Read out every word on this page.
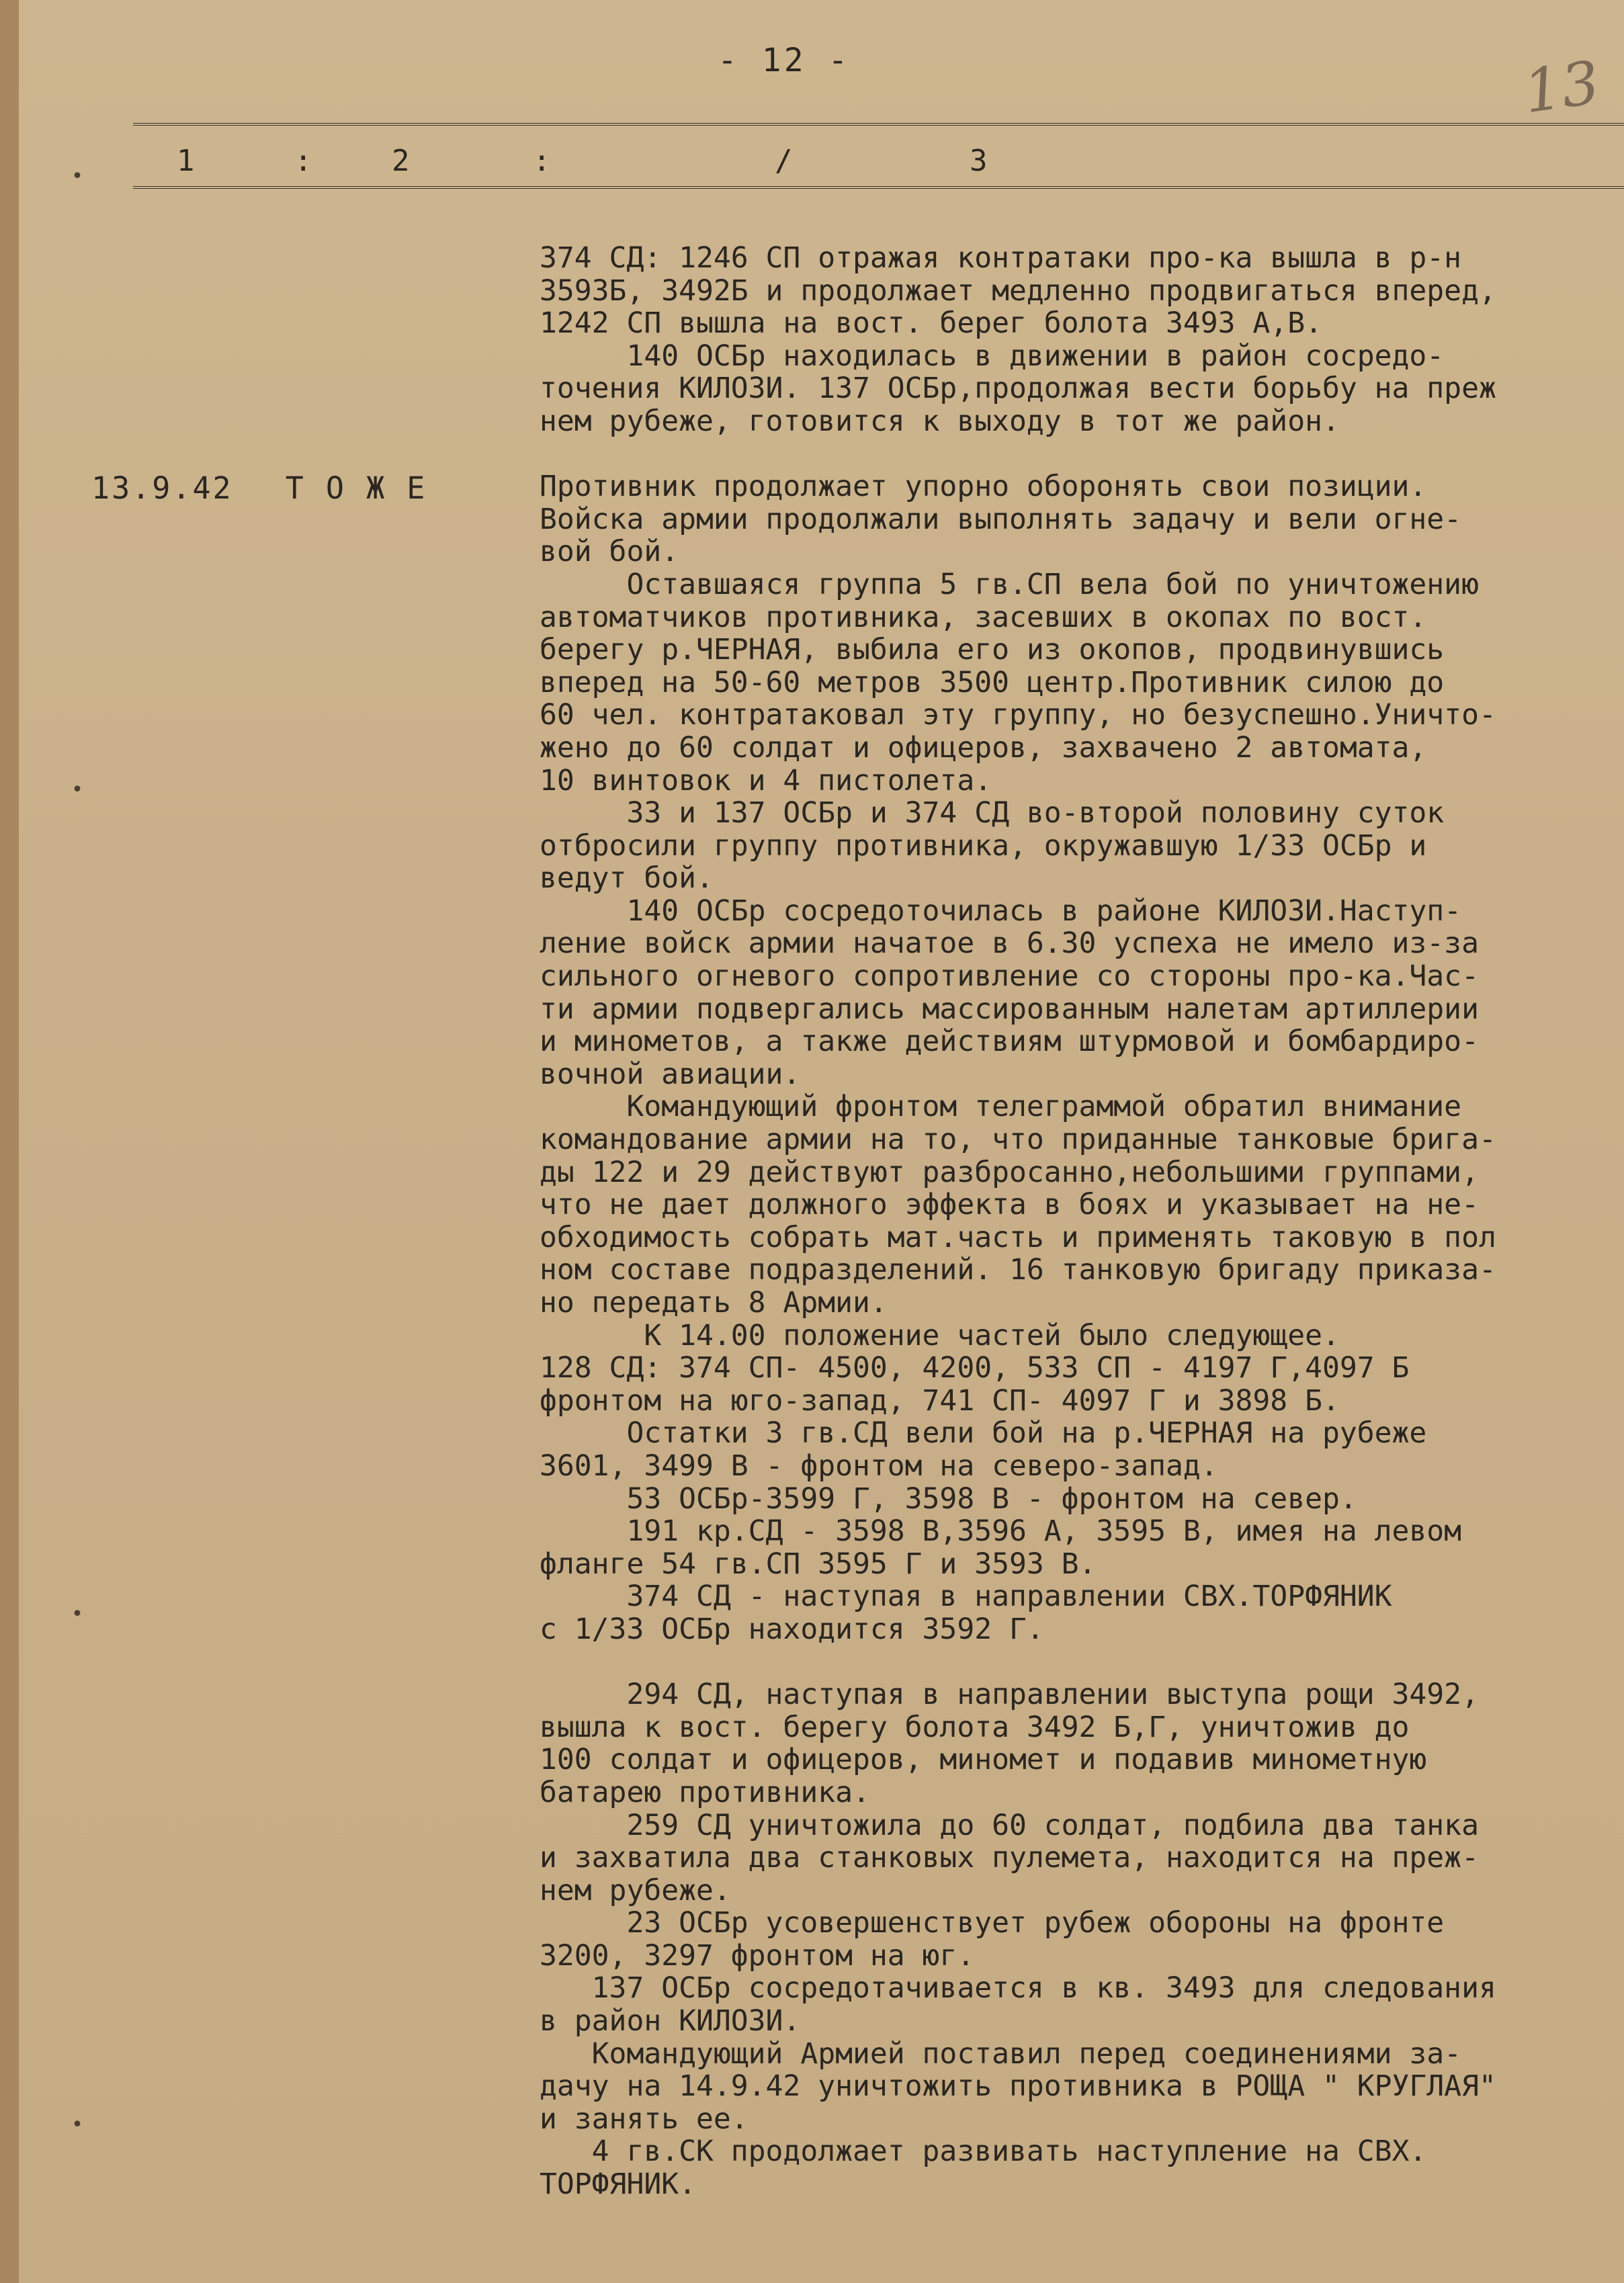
- 12 -	13
1	:	2	:	/	3
•
•
•
•
13.9.42 Т О Ж Е
374 СД: 1246 СП отражая контратаки про-ка вышла в р-н
3593Б, 3492Б и продолжает медленно продвигаться вперед,
1242 СП вышла на вост. берег болота 3493 А,В.
140 ОСБр находилась в движении в район сосредо-
точения КИЛОЗИ. 137 ОСБр,продолжая вести борьбу на преж
нем рубеже, готовится к выходу в тот же район.

Противник продолжает упорно оборонять свои позиции.
Войска армии продолжали выполнять задачу и вели огне-
вой бой.
Оставшаяся группа 5 гв.СП вела бой по уничтожению
автоматчиков противника, засевших в окопах по вост.
берегу р.ЧЕРНАЯ, выбила его из окопов, продвинувшись
вперед на 50-60 метров 3500 центр.Противник силою до
60 чел. контратаковал эту группу, но безуспешно.Уничто-
жено до 60 солдат и офицеров, захвачено 2 автомата,
10 винтовок и 4 пистолета.
33 и 137 ОСБр и 374 СД во-второй половину суток
отбросили группу противника, окружавшую 1/33 ОСБр и
ведут бой.
140 ОСБр сосредоточилась в районе КИЛОЗИ.Наступ-
ление войск армии начатое в 6.30 успеха не имело из-за
сильного огневого сопротивление со стороны про-ка.Час-
ти армии подвергались массированным налетам артиллерии
и минометов, а также действиям штурмовой и бомбардиро-
вочной авиации.
Командующий фронтом телеграммой обратил внимание
командование армии на то, что приданные танковые брига-
ды 122 и 29 действуют разбросанно,небольшими группами,
что не дает должного эффекта в боях и указывает на не-
обходимость собрать мат.часть и применять таковую в пол
ном составе подразделений. 16 танковую бригаду приказа-
но передать 8 Армии.
К 14.00 положение частей было следующее.
128 СД: 374 СП- 4500, 4200, 533 СП - 4197 Г,4097 Б
фронтом на юго-запад, 741 СП- 4097 Г и 3898 Б.
Остатки 3 гв.СД вели бой на р.ЧЕРНАЯ на рубеже
3601, 3499 В - фронтом на северо-запад.
53 ОСБр-3599 Г, 3598 В - фронтом на север.
191 кр.СД - 3598 В,3596 А, 3595 В, имея на левом
фланге 54 гв.СП 3595 Г и 3593 В.
374 СД - наступая в направлении СВХ.ТОРФЯНИК
с 1/33 ОСБр находится 3592 Г.

294 СД, наступая в направлении выступа рощи 3492,
вышла к вост. берегу болота 3492 Б,Г, уничтожив до
100 солдат и офицеров, миномет и подавив минометную
батарею противника.
259 СД уничтожила до 60 солдат, подбила два танка
и захватила два станковых пулемета, находится на преж-
нем рубеже.
23 ОСБр усовершенствует рубеж обороны на фронте
3200, 3297 фронтом на юг.
137 ОСБр сосредотачивается в кв. 3493 для следования
в район КИЛОЗИ.
Командующий Армией поставил перед соединениями за-
дачу на 14.9.42 уничтожить противника в РОЩА " КРУГЛАЯ"
и занять ее.
4 гв.СК продолжает развивать наступление на СВХ.
ТОРФЯНИК.
